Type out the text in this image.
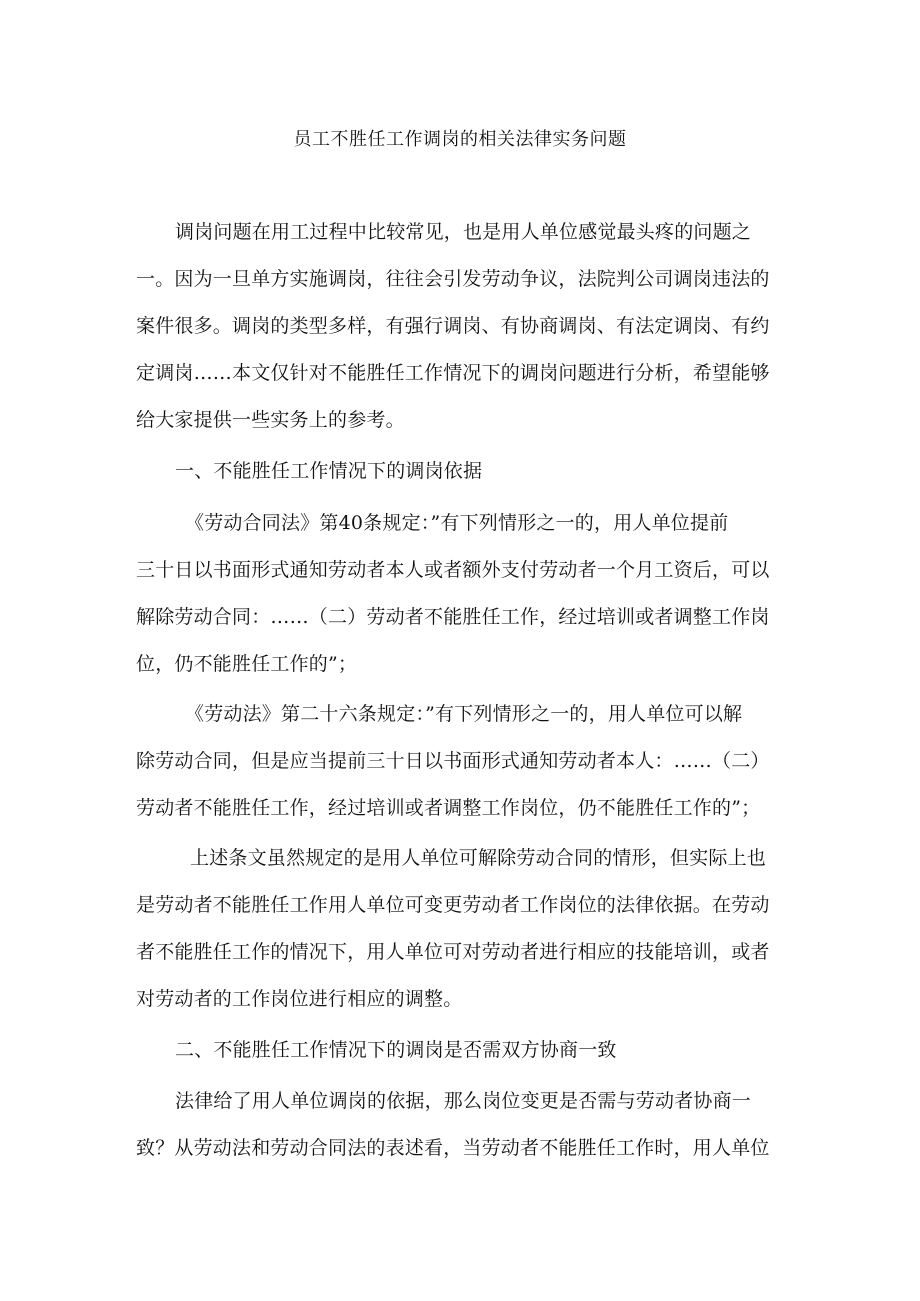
员工不胜任工作调岗的相关法律实务问题
调岗问题在用工过程中比较常见，也是用人单位感觉最头疼的问题之
一。因为一旦单方实施调岗，往往会引发劳动争议，法院判公司调岗违法的
案件很多。调岗的类型多样，有强行调岗、有协商调岗、有法定调岗、有约
定调岗……本文仅针对不能胜任工作情况下的调岗问题进行分析，希望能够
给大家提供一些实务上的参考。
一、不能胜任工作情况下的调岗依据
《劳动合同法》第40条规定：”有下列情形之一的，用人单位提前
三十日以书面形式通知劳动者本人或者额外支付劳动者一个月工资后，可以
解除劳动合同：……（二）劳动者不能胜任工作，经过培训或者调整工作岗
位，仍不能胜任工作的”；
《劳动法》第二十六条规定：”有下列情形之一的，用人单位可以解
除劳动合同，但是应当提前三十日以书面形式通知劳动者本人：……（二）
劳动者不能胜任工作，经过培训或者调整工作岗位，仍不能胜任工作的”；
上述条文虽然规定的是用人单位可解除劳动合同的情形，但实际上也
是劳动者不能胜任工作用人单位可变更劳动者工作岗位的法律依据。在劳动
者不能胜任工作的情况下，用人单位可对劳动者进行相应的技能培训，或者
对劳动者的工作岗位进行相应的调整。
二、不能胜任工作情况下的调岗是否需双方协商一致
法律给了用人单位调岗的依据，那么岗位变更是否需与劳动者协商一
致？从劳动法和劳动合同法的表述看，当劳动者不能胜任工作时，用人单位
